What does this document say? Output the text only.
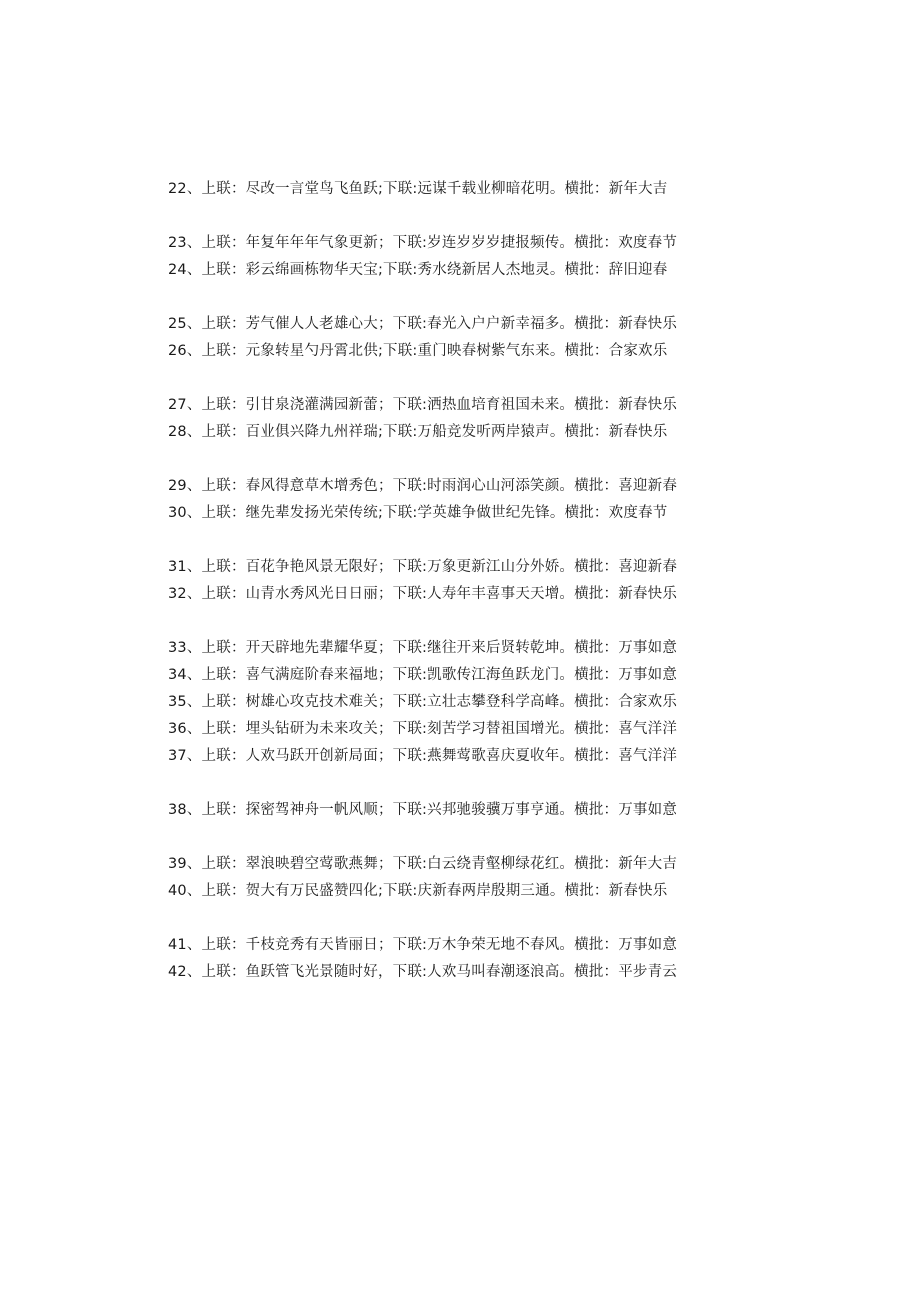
22、上联：尽改一言堂鸟飞鱼跃;下联:远谋千载业柳暗花明。横批：新年大吉
23、上联：年复年年年气象更新；下联:岁连岁岁岁捷报频传。横批：欢度春节
24、上联：彩云绵画栋物华天宝;下联:秀水绕新居人杰地灵。横批：辞旧迎春
25、上联：芳气催人人老雄心大；下联:春光入户户新幸福多。横批：新春快乐
26、上联：元象转星勺丹霄北供;下联:重门映春树紫气东来。横批：合家欢乐
27、上联：引甘泉浇灌满园新蕾；下联:洒热血培育祖国未来。横批：新春快乐
28、上联：百业俱兴降九州祥瑞;下联:万船竞发听两岸猿声。横批：新春快乐
29、上联：春风得意草木增秀色；下联:时雨润心山河添笑颜。横批：喜迎新春
30、上联：继先辈发扬光荣传统;下联:学英雄争做世纪先锋。横批：欢度春节
31、上联：百花争艳风景无限好；下联:万象更新江山分外娇。横批：喜迎新春
32、上联：山青水秀风光日日丽；下联:人寿年丰喜事天天增。横批：新春快乐
33、上联：开天辟地先辈耀华夏；下联:继往开来后贤转乾坤。横批：万事如意
34、上联：喜气满庭阶春来福地；下联:凯歌传江海鱼跃龙门。横批：万事如意
35、上联：树雄心攻克技术难关；下联:立壮志攀登科学高峰。横批：合家欢乐
36、上联：埋头钻研为未来攻关；下联:刻苦学习替祖国增光。横批：喜气洋洋
37、上联：人欢马跃开创新局面；下联:燕舞莺歌喜庆夏收年。横批：喜气洋洋
38、上联：探密驾神舟一帆风顺；下联:兴邦驰骏骥万事亨通。横批：万事如意
39、上联：翠浪映碧空莺歌燕舞；下联:白云绕青壑柳绿花红。横批：新年大吉
40、上联：贺大有万民盛赞四化;下联:庆新春两岸殷期三通。横批：新春快乐
41、上联：千枝竞秀有天皆丽日；下联:万木争荣无地不春风。横批：万事如意
42、上联：鱼跃管飞光景随时好，下联:人欢马叫春潮逐浪高。横批：平步青云
